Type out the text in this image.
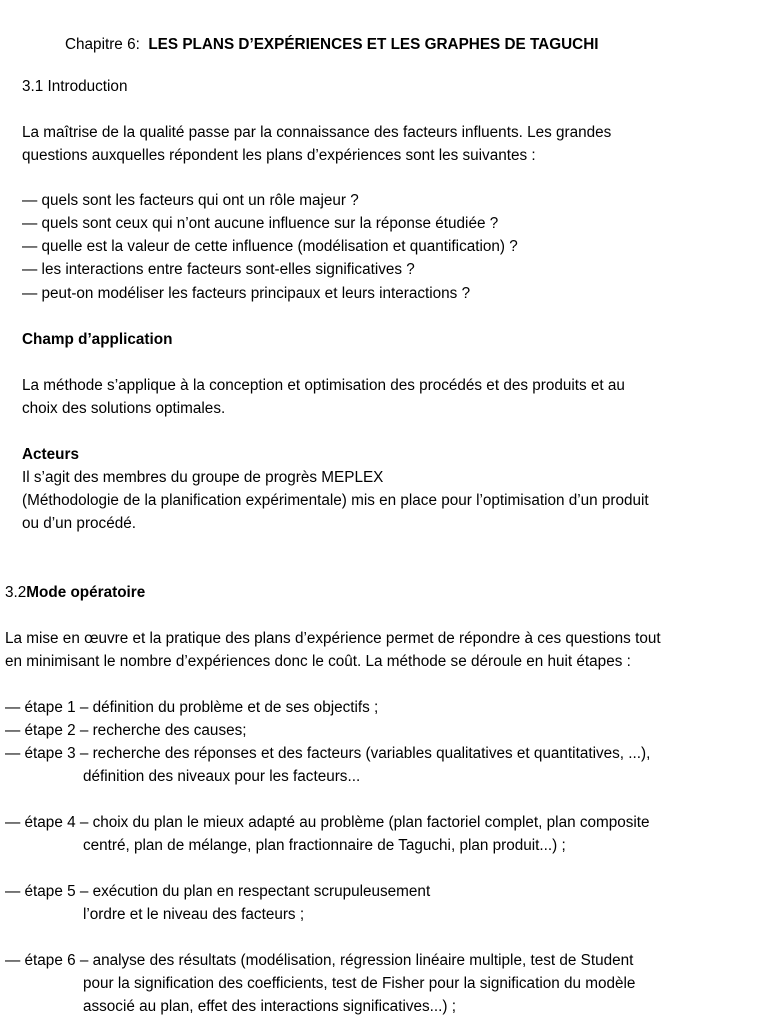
Chapitre 6: LES PLANS D’EXPÉRIENCES ET LES GRAPHES DE TAGUCHI
3.1 Introduction
La maîtrise de la qualité passe par la connaissance des facteurs influents. Les grandes
questions auxquelles répondent les plans d’expériences sont les suivantes :
— quels sont les facteurs qui ont un rôle majeur ?
— quels sont ceux qui n’ont aucune influence sur la réponse étudiée ?
— quelle est la valeur de cette influence (modélisation et quantification) ?
— les interactions entre facteurs sont-elles significatives ?
— peut-on modéliser les facteurs principaux et leurs interactions ?
Champ d’application
La méthode s’applique à la conception et optimisation des procédés et des produits et au
choix des solutions optimales.
Acteurs
Il s’agit des membres du groupe de progrès MEPLEX
(Méthodologie de la planification expérimentale) mis en place pour l’optimisation d’un produit
ou d’un procédé.
3.2Mode opératoire
La mise en œuvre et la pratique des plans d’expérience permet de répondre à ces questions tout
en minimisant le nombre d’expériences donc le coût. La méthode se déroule en huit étapes :
— étape 1 – définition du problème et de ses objectifs ;
— étape 2 – recherche des causes;
— étape 3 – recherche des réponses et des facteurs (variables qualitatives et quantitatives, ...),
définition des niveaux pour les facteurs...
— étape 4 – choix du plan le mieux adapté au problème (plan factoriel complet, plan composite
centré, plan de mélange, plan fractionnaire de Taguchi, plan produit...) ;
— étape 5 – exécution du plan en respectant scrupuleusement
l’ordre et le niveau des facteurs ;
— étape 6 – analyse des résultats (modélisation, régression linéaire multiple, test de Student
pour la signification des coefficients, test de Fisher pour la signification du modèle
associé au plan, effet des interactions significatives...) ;
